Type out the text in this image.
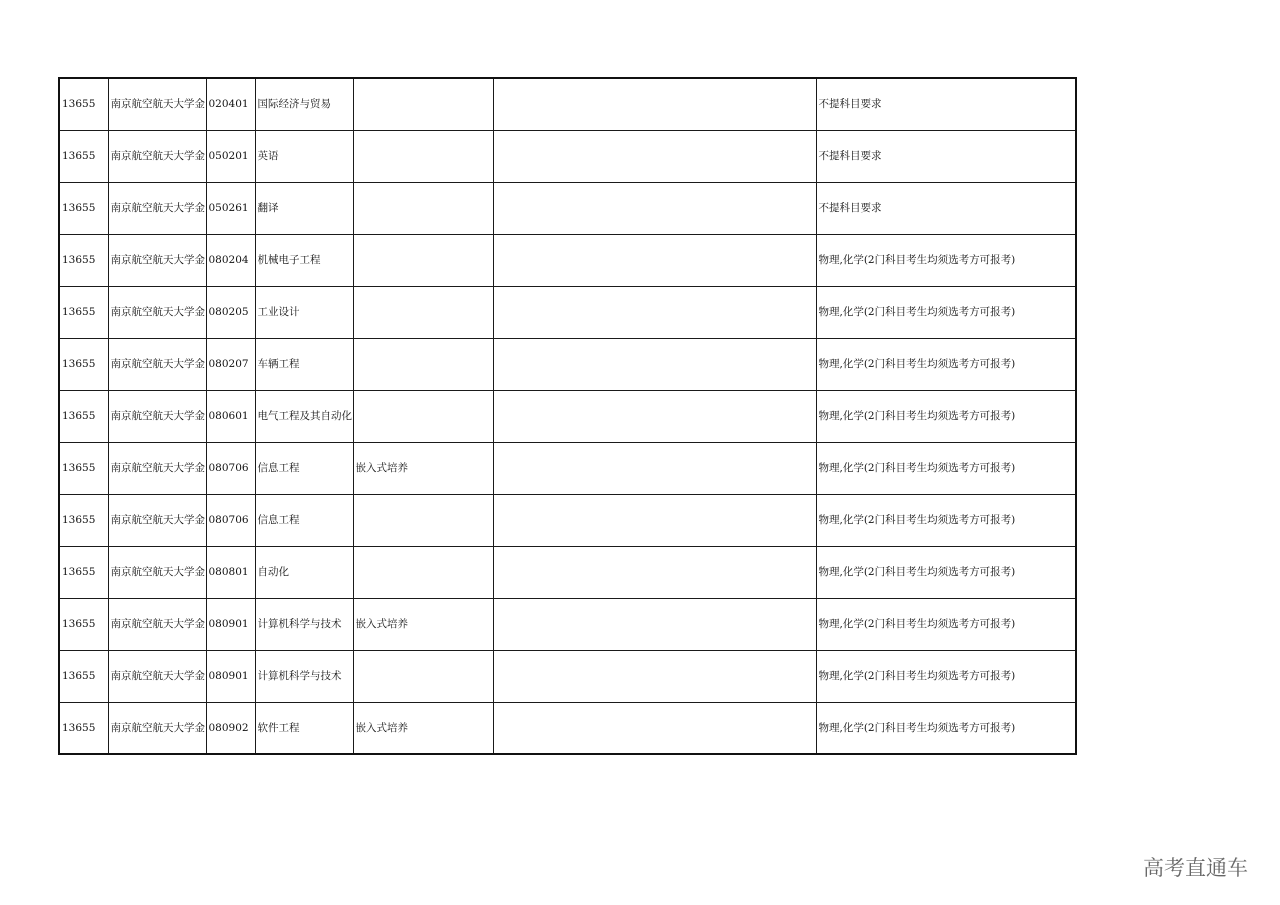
13655	南京航空航天大学金	020401	国际经济与贸易			不提科目要求
13655	南京航空航天大学金	050201	英语			不提科目要求
13655	南京航空航天大学金	050261	翻译			不提科目要求
13655	南京航空航天大学金	080204	机械电子工程			物理,化学(2门科目考生均须选考方可报考)
13655	南京航空航天大学金	080205	工业设计			物理,化学(2门科目考生均须选考方可报考)
13655	南京航空航天大学金	080207	车辆工程			物理,化学(2门科目考生均须选考方可报考)
13655	南京航空航天大学金	080601	电气工程及其自动化			物理,化学(2门科目考生均须选考方可报考)
13655	南京航空航天大学金	080706	信息工程	嵌入式培养		物理,化学(2门科目考生均须选考方可报考)
13655	南京航空航天大学金	080706	信息工程			物理,化学(2门科目考生均须选考方可报考)
13655	南京航空航天大学金	080801	自动化			物理,化学(2门科目考生均须选考方可报考)
13655	南京航空航天大学金	080901	计算机科学与技术	嵌入式培养		物理,化学(2门科目考生均须选考方可报考)
13655	南京航空航天大学金	080901	计算机科学与技术			物理,化学(2门科目考生均须选考方可报考)
13655	南京航空航天大学金	080902	软件工程	嵌入式培养		物理,化学(2门科目考生均须选考方可报考)
高考直通车
